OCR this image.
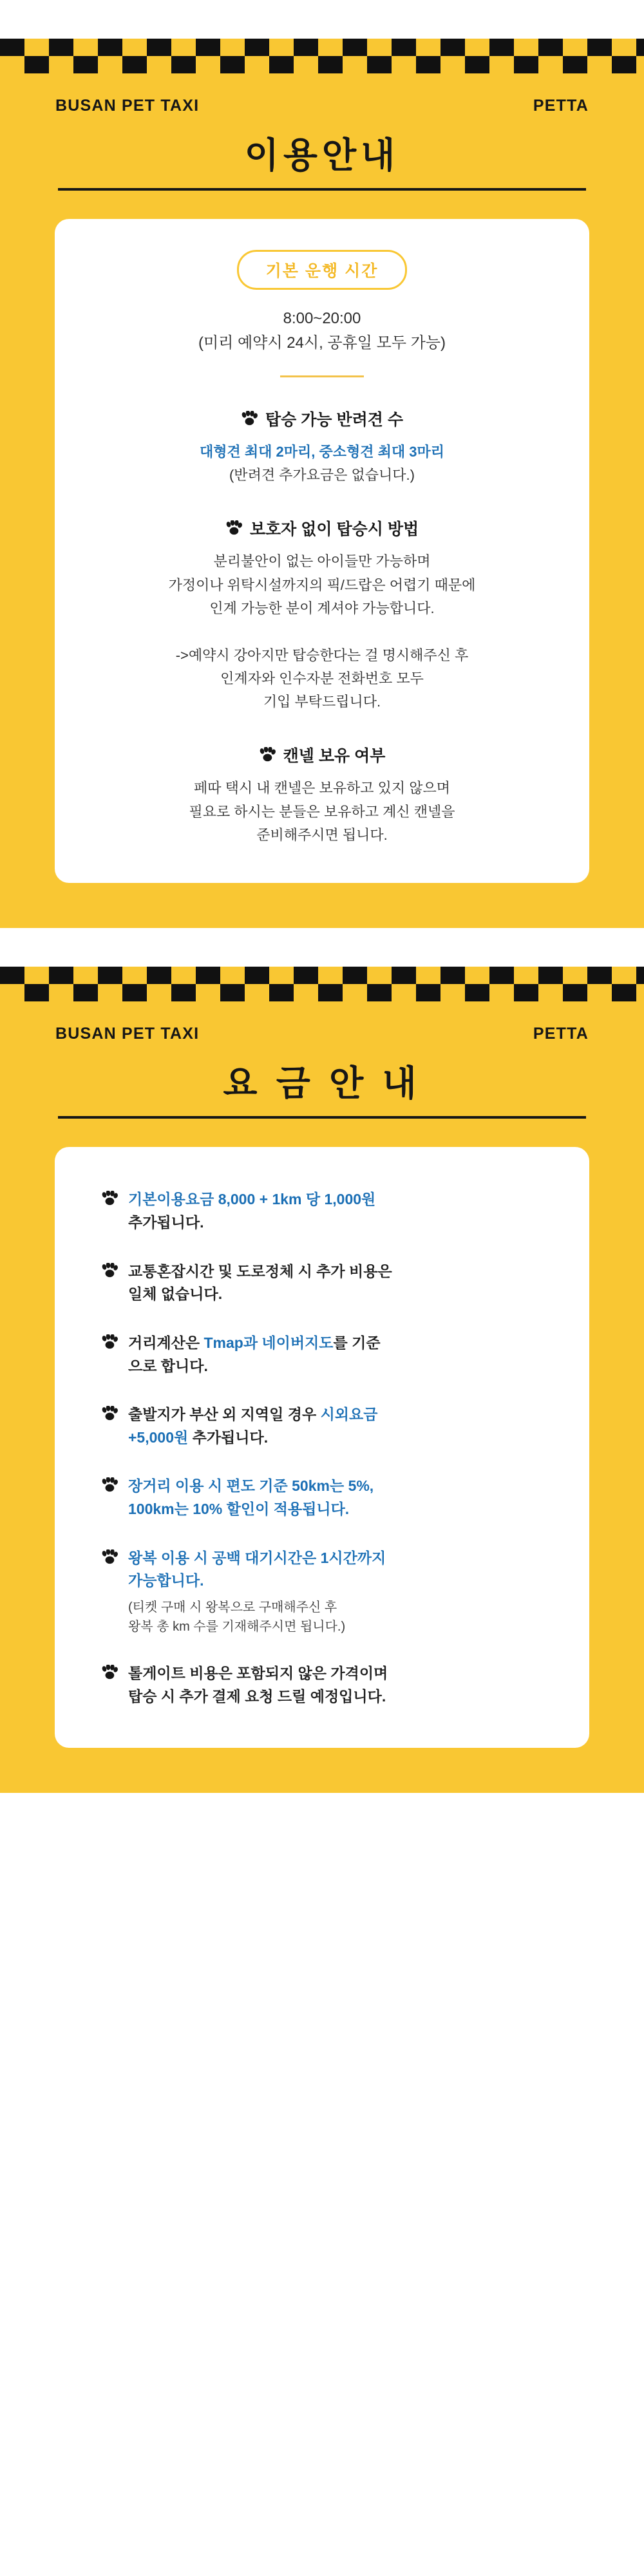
BUSAN PET TAXI	PETTA
이용안내
기본 운행 시간
8:00~20:00
(미리 예약시 24시, 공휴일 모두 가능)
탑승 가능 반려견 수
대형견 최대 2마리, 중소형견 최대 3마리
(반려견 추가요금은 없습니다.)
보호자 없이 탑승시 방법
분리불안이 없는 아이들만 가능하며
가정이나 위탁시설까지의 픽/드랍은 어렵기 때문에
인계 가능한 분이 계셔야 가능합니다.

->예약시 강아지만 탑승한다는 걸 명시해주신 후
인계자와 인수자분 전화번호 모두
기입 부탁드립니다.
캔넬 보유 여부
페따 택시 내 캔넬은 보유하고 있지 않으며
필요로 하시는 분들은 보유하고 계신 캔넬을
준비해주시면 됩니다.
BUSAN PET TAXI	PETTA
요 금 안 내
기본이용요금 8,000 + 1km 당 1,000원
추가됩니다.
교통혼잡시간 및 도로정체 시 추가 비용은
일체 없습니다.
거리계산은 Tmap과 네이버지도를 기준
으로 합니다.
출발지가 부산 외 지역일 경우 시외요금
+5,000원 추가됩니다.
장거리 이용 시 편도 기준 50km는 5%,
100km는 10% 할인이 적용됩니다.
왕복 이용 시 공백 대기시간은 1시간까지
가능합니다.
(티켓 구매 시 왕복으로 구매해주신 후
왕복 총 km 수를 기재해주시면 됩니다.)
톨게이트 비용은 포함되지 않은 가격이며
탑승 시 추가 결제 요청 드릴 예정입니다.
